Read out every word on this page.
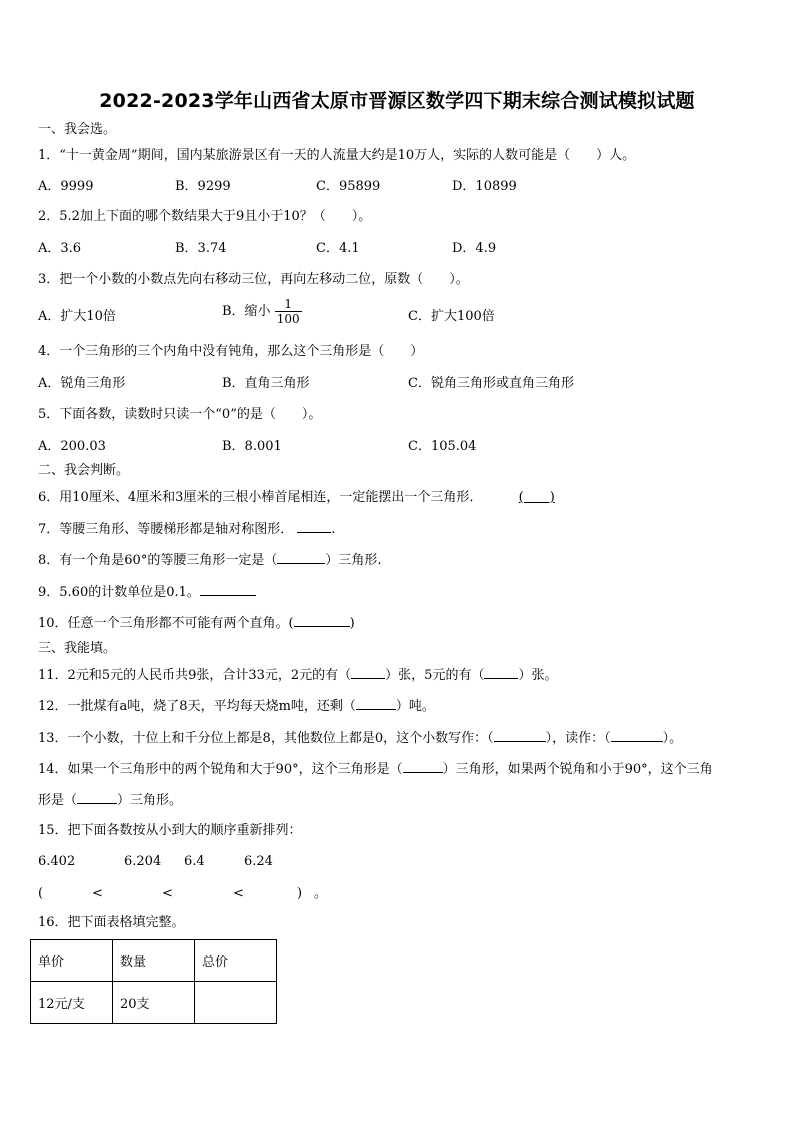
2022-2023学年山西省太原市晋源区数学四下期末综合测试模拟试题
一、我会选。
1．“十一黄金周”期间，国内某旅游景区有一天的人流量大约是10万人，实际的人数可能是（　　）人。
A．9999	B．9299	C．95899	D．10899
2．5.2加上下面的哪个数结果大于9且小于10？（　　）。
A．3.6	B．3.74	C．4.1	D．4.9
3．把一个小数的小数点先向右移动三位，再向左移动二位，原数（　　）。
A．扩大10倍	B．缩小 $\frac{1}{100}$	C．扩大100倍
4．一个三角形的三个内角中没有钝角，那么这个三角形是（　　）
A．锐角三角形	B．直角三角形	C．锐角三角形或直角三角形
5．下面各数，读数时只读一个“0”的是（　　）。
A．200.03	B．8.001	C．105.04
二、我会判断。
6．用10厘米、4厘米和3厘米的三根小棒首尾相连，一定能摆出一个三角形．	(　　)
7．等腰三角形、等腰梯形都是轴对称图形．	.
8．有一个角是60°的等腰三角形一定是（	）三角形.
9．5.60的计数单位是0.1。
10．任意一个三角形都不可能有两个直角。(	)
三、我能填。
11．2元和5元的人民币共9张，合计33元，2元的有（	）张，5元的有（	）张。
12．一批煤有a吨，烧了8天，平均每天烧m吨，还剩（	）吨。
13．一个小数，十位上和千分位上都是8，其他数位上都是0，这个小数写作：（	），读作：（	）。
14．如果一个三角形中的两个锐角和大于90°，这个三角形是（	）三角形，如果两个锐角和小于90°，这个三角
形是（	）三角形。
15．把下面各数按从小到大的顺序重新排列：
6.402	6.204 6.4	6.24
(	<	<	<	) 。
16．把下面表格填完整。
单价	数量	总价
12元/支	20支	
